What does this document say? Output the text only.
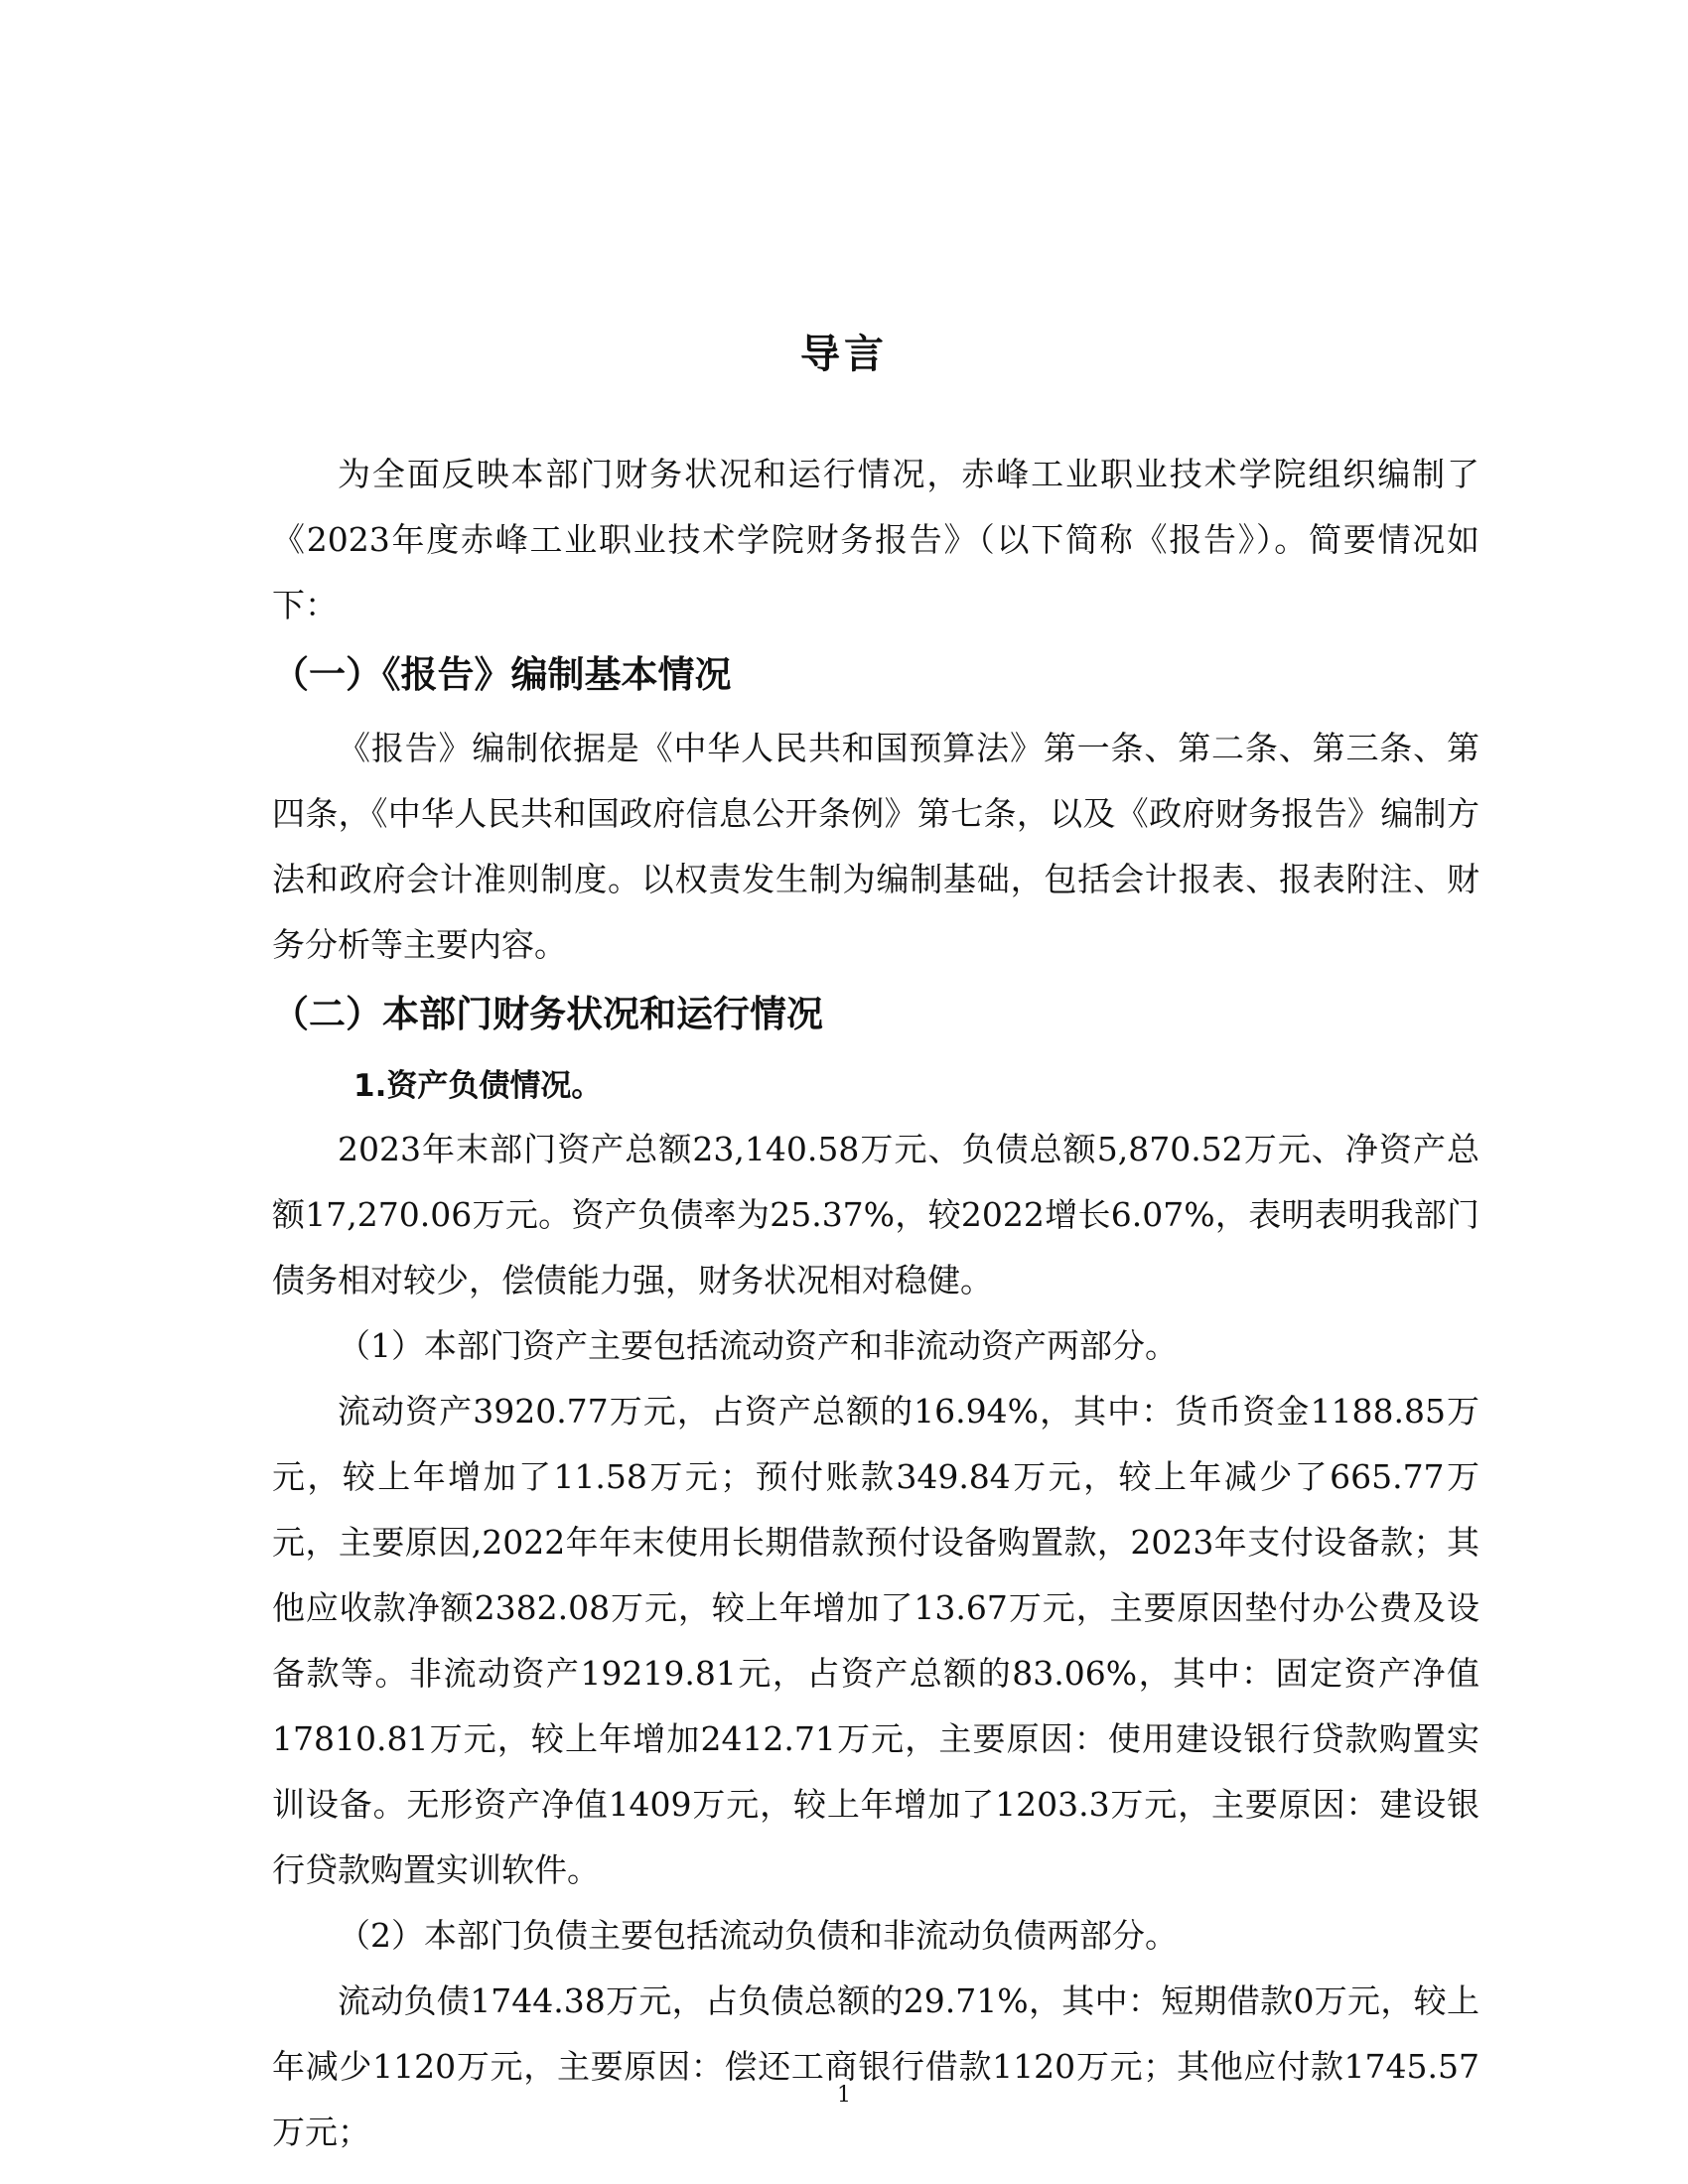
导言

为全面反映本部门财务状况和运行情况，赤峰工业职业技术学院组织编制了《2023年度赤峰工业职业技术学院财务报告》（以下简称《报告》）。简要情况如下：

（一）《报告》编制基本情况

《报告》编制依据是《中华人民共和国预算法》第一条、第二条、第三条、第四条，《中华人民共和国政府信息公开条例》第七条，以及《政府财务报告》编制方法和政府会计准则制度。以权责发生制为编制基础，包括会计报表、报表附注、财务分析等主要内容。

（二）本部门财务状况和运行情况
1.资产负债情况。

2023年末部门资产总额23,140.58万元、负债总额5,870.52万元、净资产总额17,270.06万元。资产负债率为25.37%，较2022增长6.07%，表明表明我部门债务相对较少，偿债能力强，财务状况相对稳健。

（1）本部门资产主要包括流动资产和非流动资产两部分。

流动资产3920.77万元，占资产总额的16.94%，其中：货币资金1188.85万元，较上年增加了11.58万元；预付账款349.84万元，较上年减少了665.77万元，主要原因,2022年年末使用长期借款预付设备购置款，2023年支付设备款；其他应收款净额2382.08万元，较上年增加了13.67万元，主要原因垫付办公费及设备款等。非流动资产19219.81元，占资产总额的83.06%，其中：固定资产净值17810.81万元，较上年增加2412.71万元，主要原因：使用建设银行贷款购置实训设备。无形资产净值1409万元，较上年增加了1203.3万元，主要原因：建设银行贷款购置实训软件。

（2）本部门负债主要包括流动负债和非流动负债两部分。

流动负债1744.38万元，占负债总额的29.71%，其中：短期借款0万元，较上年减少1120万元，主要原因：偿还工商银行借款1120万元；其他应付款1745.57万元；

1
